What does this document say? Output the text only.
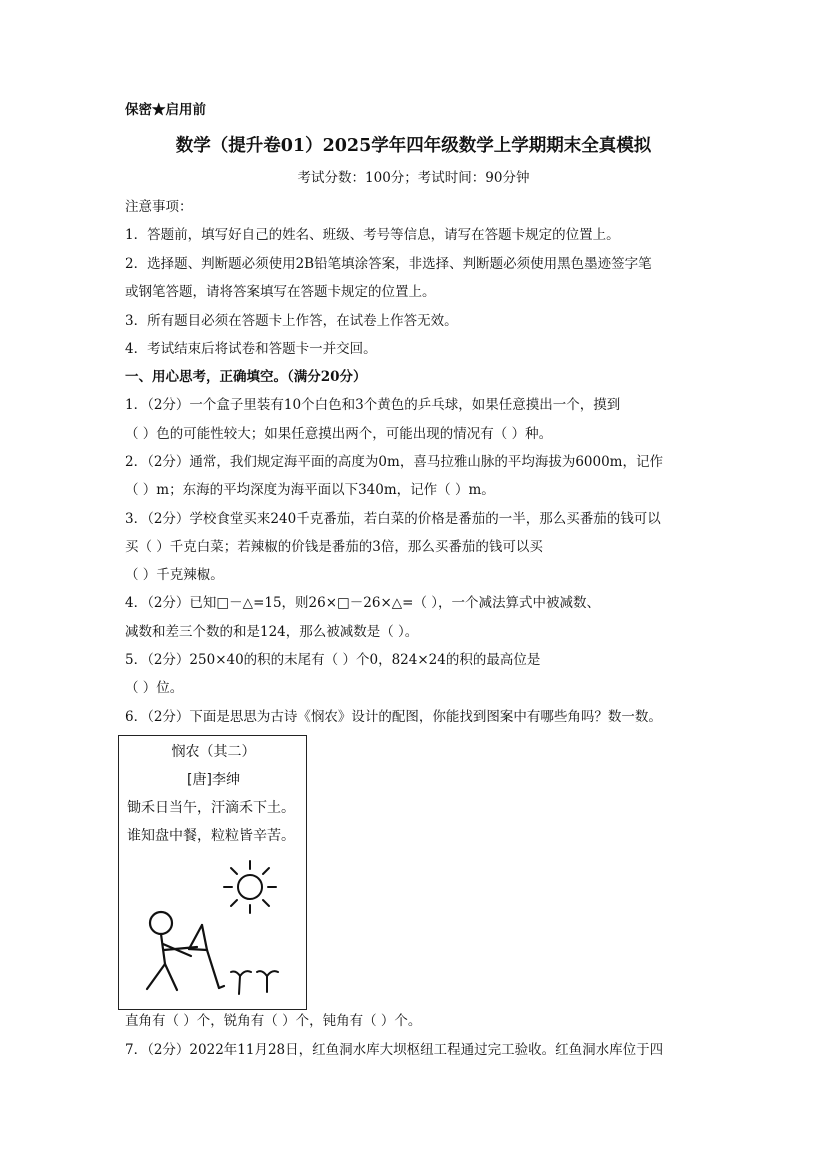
保密★启用前
数学（提升卷01）2025学年四年级数学上学期期末全真模拟
考试分数：100分；考试时间：90分钟
注意事项：
1．答题前，填写好自己的姓名、班级、考号等信息，请写在答题卡规定的位置上。
2．选择题、判断题必须使用2B铅笔填涂答案，非选择、判断题必须使用黑色墨迹签字笔
或钢笔答题，请将答案填写在答题卡规定的位置上。
3．所有题目必须在答题卡上作答，在试卷上作答无效。
4．考试结束后将试卷和答题卡一并交回。
一、用心思考，正确填空。（满分20分）
1．（2分）一个盒子里装有10个白色和3个黄色的乒乓球，如果任意摸出一个，摸到
（ ）色的可能性较大；如果任意摸出两个，可能出现的情况有（ ）种。
2．（2分）通常，我们规定海平面的高度为0m，喜马拉雅山脉的平均海拔为6000m，记作
（ ）m；东海的平均深度为海平面以下340m，记作（ ）m。
3．（2分）学校食堂买来240千克番茄，若白菜的价格是番茄的一半，那么买番茄的钱可以
买（ ）千克白菜；若辣椒的价钱是番茄的3倍，那么买番茄的钱可以买
（ ）千克辣椒。
4．（2分）已知□－△=15，则26×□－26×△=（ ），一个减法算式中被减数、
减数和差三个数的和是124，那么被减数是（ ）。
5．（2分）250×40的积的末尾有（ ）个0，824×24的积的最高位是
（ ）位。
6．（2分）下面是思思为古诗《悯农》设计的配图，你能找到图案中有哪些角吗？数一数。
悯农（其二）
[唐]李绅
锄禾日当午，汗滴禾下土。
谁知盘中餐，粒粒皆辛苦。
直角有（ ）个，锐角有（ ）个，钝角有（ ）个。
7．（2分）2022年11月28日，红鱼洞水库大坝枢纽工程通过完工验收。红鱼洞水库位于四
